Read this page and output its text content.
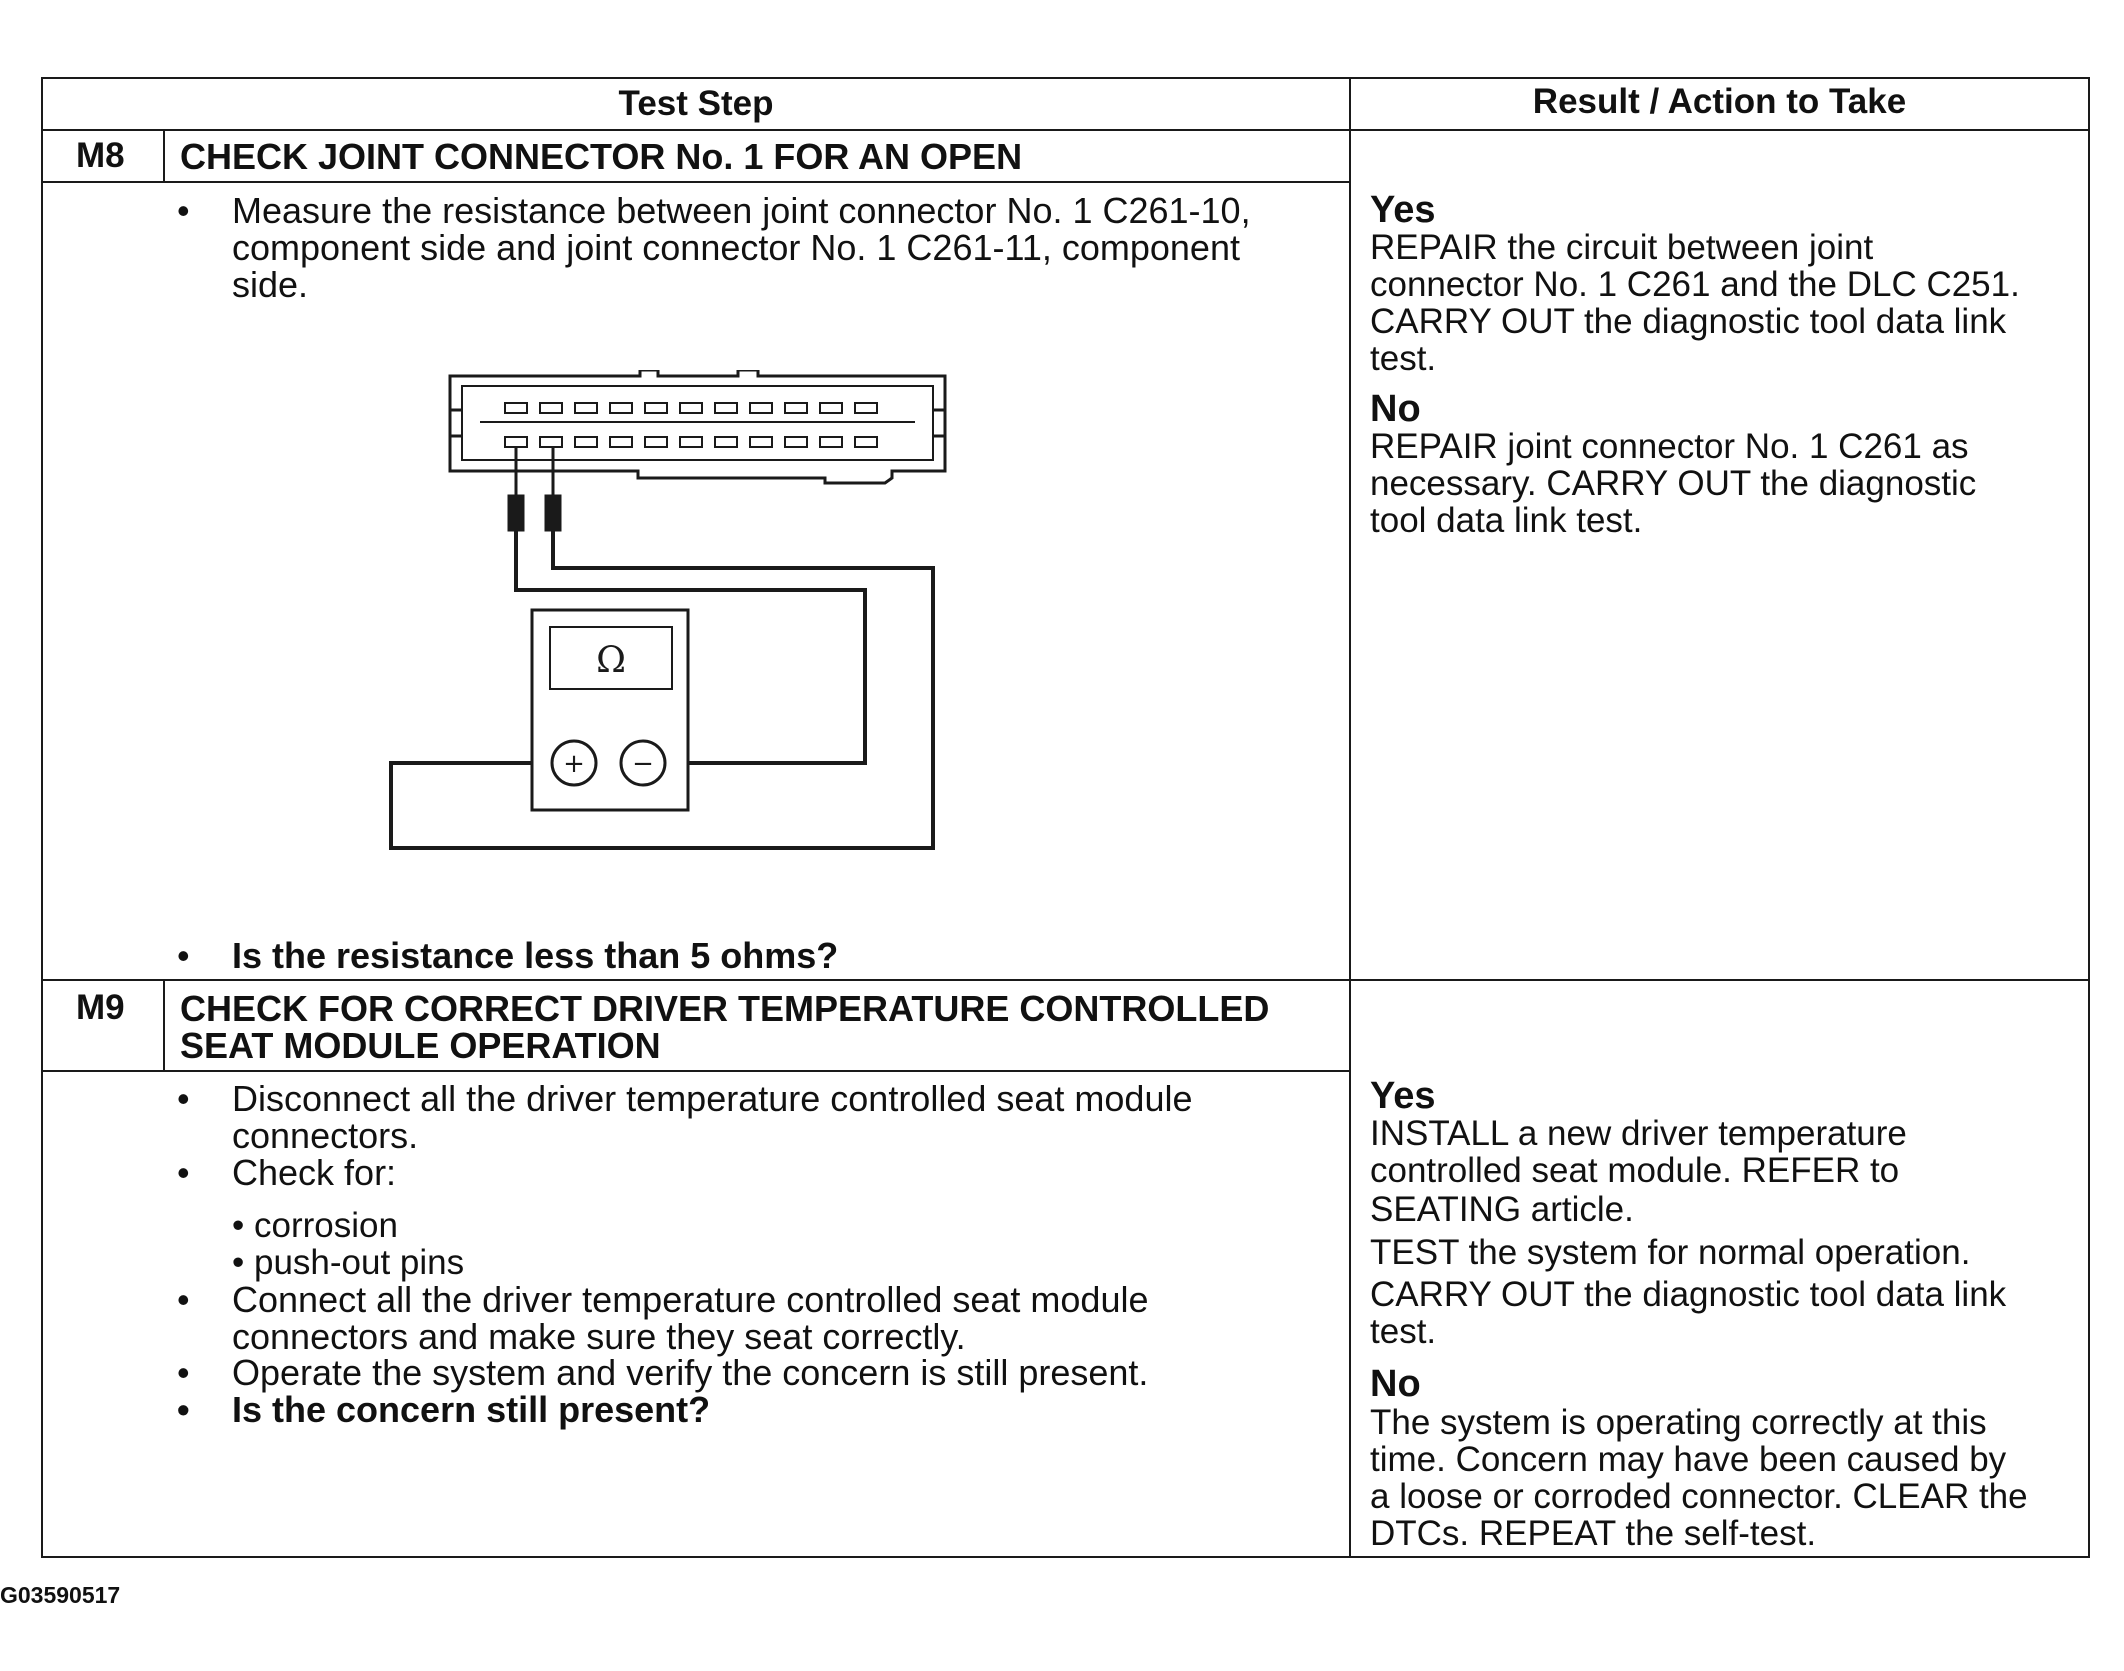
Test Step	Result / Action to Take
M8 CHECK JOINT CONNECTOR No. 1 FOR AN OPEN
• Measure the resistance between joint connector No. 1 C261-10,
component side and joint connector No. 1 C261-11, component
side.
Ω
+ −
• Is the resistance less than 5 ohms?
Yes
REPAIR the circuit between joint
connector No. 1 C261 and the DLC C251.
CARRY OUT the diagnostic tool data link
test.
No
REPAIR joint connector No. 1 C261 as
necessary. CARRY OUT the diagnostic
tool data link test.
M9 CHECK FOR CORRECT DRIVER TEMPERATURE CONTROLLED
SEAT MODULE OPERATION
• Disconnect all the driver temperature controlled seat module
connectors.
• Check for:
• corrosion
• push-out pins
• Connect all the driver temperature controlled seat module
connectors and make sure they seat correctly.
• Operate the system and verify the concern is still present.
• Is the concern still present?
Yes
INSTALL a new driver temperature
controlled seat module. REFER to
SEATING article.
TEST the system for normal operation.
CARRY OUT the diagnostic tool data link
test.
No
The system is operating correctly at this
time. Concern may have been caused by
a loose or corroded connector. CLEAR the
DTCs. REPEAT the self-test.
G03590517
